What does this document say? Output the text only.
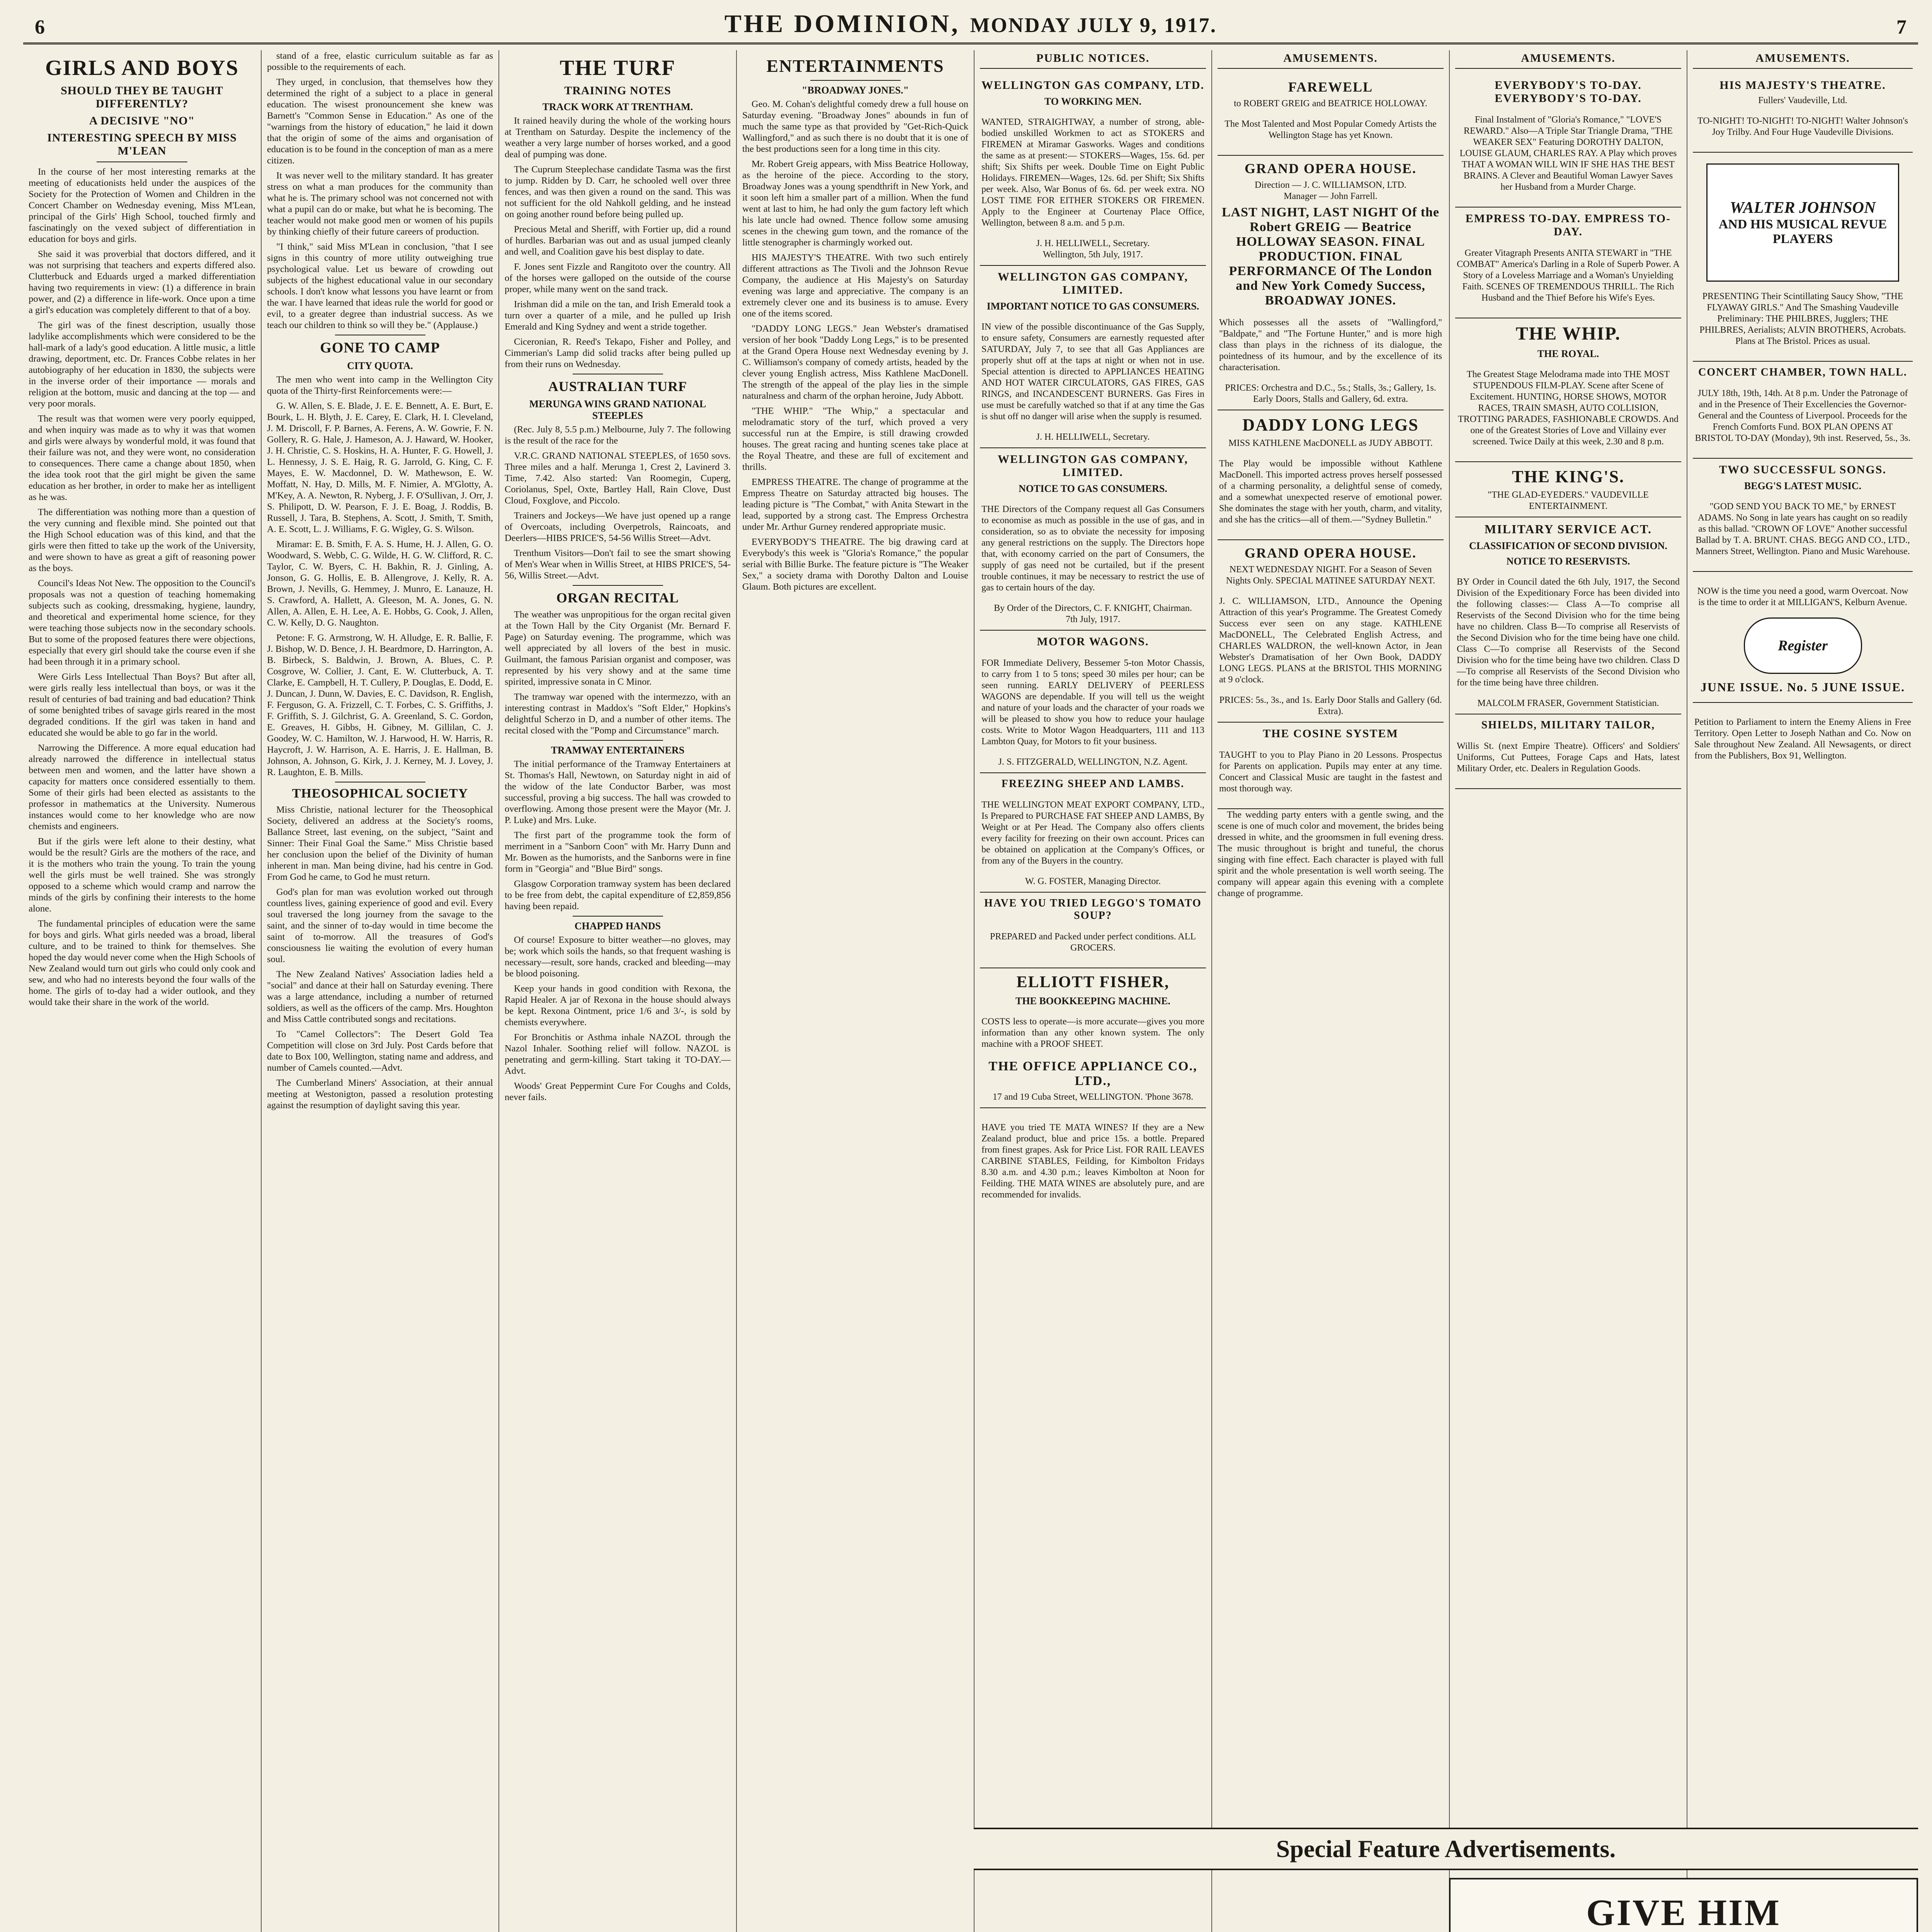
6	THE DOMINION, MONDAY JULY 9, 1917.	7
GIRLS AND BOYS
SHOULD THEY BE TAUGHT DIFFERENTLY?
A DECISIVE "NO"
INTERESTING SPEECH BY MISS M'LEAN

In the course of her most interesting remarks at the meeting of educationists held under the auspices of the Society for the Protection of Women and Children in the Concert Chamber on Wednesday evening, Miss M'Lean, principal of the Girls' High School, touched firmly and fascinatingly on the vexed subject of differentiation in education for boys and girls.

She said it was proverbial that doctors differed, and it was not surprising that teachers and experts differed also. Clutterbuck and Eduards urged a marked differentiation having two requirements in view: (1) a difference in brain power, and (2) a difference in life-work. Once upon a time a girl's education was completely different to that of a boy.

The girl was of the finest description, usually those ladylike accomplishments which were considered to be the hall-mark of a lady's good education. A little music, a little drawing, deportment, etc. Dr. Frances Cobbe relates in her autobiography of her education in 1830, the subjects were in the inverse order of their importance — morals and religion at the bottom, music and dancing at the top — and very poor morals.

The result was that women were very poorly equipped, and when inquiry was made as to why it was that women and girls were always by wonderful mold, it was found that their failure was not, and they were wont, no consideration to consequences. There came a change about 1850, when the idea took root that the girl might be given the same education as her brother, in order to make her as intelligent as he was.

The differentiation was nothing more than a question of the very cunning and flexible mind. She pointed out that the High School education was of this kind, and that the girls were then fitted to take up the work of the University, and were shown to have as great a gift of reasoning power as the boys.

Council's Ideas Not New. The opposition to the Council's proposals was not a question of teaching homemaking subjects such as cooking, dressmaking, hygiene, laundry, and theoretical and experimental home science, for they were teaching those subjects now in the secondary schools. But to some of the proposed features there were objections, especially that every girl should take the course even if she had been through it in a primary school.

Were Girls Less Intellectual Than Boys? But after all, were girls really less intellectual than boys, or was it the result of centuries of bad training and bad education? Think of some benighted tribes of savage girls reared in the most degraded conditions. If the girl was taken in hand and educated she would be able to go far in the world.

Narrowing the Difference. A more equal education had already narrowed the difference in intellectual status between men and women, and the latter have shown a capacity for matters once considered essentially to them. Some of their girls had been elected as assistants to the professor in mathematics at the University. Numerous instances would come to her knowledge who are now chemists and engineers.

But if the girls were left alone to their destiny, what would be the result? Girls are the mothers of the race, and it is the mothers who train the young. To train the young well the girls must be well trained. She was strongly opposed to a scheme which would cramp and narrow the minds of the girls by confining their interests to the home alone.

The fundamental principles of education were the same for boys and girls. What girls needed was a broad, liberal culture, and to be trained to think for themselves. She hoped the day would never come when the High Schools of New Zealand would turn out girls who could only cook and sew, and who had no interests beyond the four walls of the home. The girls of to-day had a wider outlook, and they would take their share in the work of the world.

stand of a free, elastic curriculum suitable as far as possible to the requirements of each.

They urged, in conclusion, that themselves how they determined the right of a subject to a place in general education. The wisest pronouncement she knew was Barnett's "Common Sense in Education." As one of the "warnings from the history of education," he laid it down that the origin of some of the aims and organisation of education is to be found in the conception of man as a mere citizen.

It was never well to the military standard. It has greater stress on what a man produces for the community than what he is. The primary school was not concerned not with what a pupil can do or make, but what he is becoming. The teacher would not make good men or women of his pupils by thinking chiefly of their future careers of production.

"I think," said Miss M'Lean in conclusion, "that I see signs in this country of more utility outweighing true psychological value. Let us beware of crowding out subjects of the highest educational value in our secondary schools. I don't know what lessons you have learnt or from the war. I have learned that ideas rule the world for good or evil, to a greater degree than industrial success. As we teach our children to think so will they be." (Applause.)

GONE TO CAMP
CITY QUOTA.

The men who went into camp in the Wellington City quota of the Thirty-first Reinforcements were:—

G. W. Allen, S. E. Blade, J. E. E. Bennett, A. E. Burt, E. Bourk, L. H. Blyth, J. E. Carey, E. Clark, H. I. Cleveland, J. M. Driscoll, F. P. Barnes, A. Ferens, A. W. Gowrie, F. N. Gollery, R. G. Hale, J. Hameson, A. J. Haward, W. Hooker, J. H. Christie, C. S. Hoskins, H. A. Hunter, F. G. Howell, J. L. Hennessy, J. S. E. Haig, R. G. Jarrold, G. King, C. F. Mayes, E. W. Macdonnel, D. W. Mathewson, E. W. Moffatt, N. Hay, D. Mills, M. F. Nimier, A. M'Glotty, A. M'Key, A. A. Newton, R. Nyberg, J. F. O'Sullivan, J. Orr, J. S. Philipott, D. W. Pearson, F. J. E. Boag, J. Roddis, B. Russell, J. Tara, B. Stephens, A. Scott, J. Smith, T. Smith, A. E. Scott, L. J. Williams, F. G. Wigley, G. S. Wilson.

Miramar: E. B. Smith, F. A. S. Hume, H. J. Allen, G. O. Woodward, S. Webb, C. G. Wilde, H. G. W. Clifford, R. C. Taylor, C. W. Byers, C. H. Bakhin, R. J. Ginling, A. Jonson, G. G. Hollis, E. B. Allengrove, J. Kelly, R. A. Brown, J. Nevills, G. Hemmey, J. Munro, E. Lanauze, H. S. Crawford, A. Hallett, A. Gleeson, M. A. Jones, G. N. Allen, A. Allen, E. H. Lee, A. E. Hobbs, G. Cook, J. Allen, C. W. Kelly, D. G. Naughton.

Petone: F. G. Armstrong, W. H. Alludge, E. R. Ballie, F. J. Bishop, W. D. Bence, J. H. Beardmore, D. Harrington, A. B. Birbeck, S. Baldwin, J. Brown, A. Blues, C. P. Cosgrove, W. Collier, J. Cant, E. W. Clutterbuck, A. T. Clarke, E. Campbell, H. T. Cullery, P. Douglas, E. Dodd, E. J. Duncan, J. Dunn, W. Davies, E. C. Davidson, R. English, F. Ferguson, G. A. Frizzell, C. T. Forbes, C. S. Griffiths, J. F. Griffith, S. J. Gilchrist, G. A. Greenland, S. C. Gordon, E. Greaves, H. Gibbs, H. Gibney, M. Gillilan, C. J. Goodey, W. C. Hamilton, W. J. Harwood, H. W. Harris, R. Haycroft, J. W. Harrison, A. E. Harris, J. E. Hallman, B. Johnson, A. Johnson, G. Kirk, J. J. Kerney, M. J. Lovey, J. R. Laughton, E. B. Mills.

THEOSOPHICAL SOCIETY

Miss Christie, national lecturer for the Theosophical Society, delivered an address at the Society's rooms, Ballance Street, last evening, on the subject, "Saint and Sinner: Their Final Goal the Same." Miss Christie based her conclusion upon the belief of the Divinity of human inherent in man. Man being divine, had his centre in God. From God he came, to God he must return.

God's plan for man was evolution worked out through countless lives, gaining experience of good and evil. Every soul traversed the long journey from the savage to the saint, and the sinner of to-day would in time become the saint of to-morrow. All the treasures of God's consciousness lie waiting the evolution of every human soul.

The New Zealand Natives' Association ladies held a "social" and dance at their hall on Saturday evening. There was a large attendance, including a number of returned soldiers, as well as the officers of the camp. Mrs. Houghton and Miss Cattle contributed songs and recitations.

To "Camel Collectors": The Desert Gold Tea Competition will close on 3rd July. Post Cards before that date to Box 100, Wellington, stating name and address, and number of Camels counted.—Advt.

The Cumberland Miners' Association, at their annual meeting at Westonigton, passed a resolution protesting against the resumption of daylight saving this year.

THE TURF
TRAINING NOTES
TRACK WORK AT TRENTHAM.

It rained heavily during the whole of the working hours at Trentham on Saturday. Despite the inclemency of the weather a very large number of horses worked, and a good deal of pumping was done.

The Cuprum Steeplechase candidate Tasma was the first to jump. Ridden by D. Carr, he schooled well over three fences, and was then given a round on the sand. This was not sufficient for the old Nahkoll gelding, and he instead on going another round before being pulled up.

Precious Metal and Sheriff, with Fortier up, did a round of hurdles. Barbarian was out and as usual jumped cleanly and well, and Coalition gave his best display to date.

F. Jones sent Fizzle and Rangitoto over the country. All of the horses were galloped on the outside of the course proper, while many went on the sand track.

Irishman did a mile on the tan, and Irish Emerald took a turn over a quarter of a mile, and he pulled up Irish Emerald and King Sydney and went a stride together.

Ciceronian, R. Reed's Tekapo, Fisher and Polley, and Cimmerian's Lamp did solid tracks after being pulled up from their runs on Wednesday.

AUSTRALIAN TURF
MERUNGA WINS GRAND NATIONAL STEEPLES

(Rec. July 8, 5.5 p.m.) Melbourne, July 7. The following is the result of the race for the

V.R.C. GRAND NATIONAL STEEPLES, of 1650 sovs. Three miles and a half. Merunga 1, Crest 2, Lavinerd 3. Time, 7.42. Also started: Van Roomegin, Cuperg, Coriolanus, Spel, Oxte, Bartley Hall, Rain Clove, Dust Cloud, Foxglove, and Piccolo.

Trainers and Jockeys—We have just opened up a range of Overcoats, including Overpetrols, Raincoats, and Deerlers—HIBS PRICE'S, 54-56 Willis Street—Advt.

Trenthum Visitors—Don't fail to see the smart showing of Men's Wear when in Willis Street, at HIBS PRICE'S, 54-56, Willis Street.—Advt.

ORGAN RECITAL

The weather was unpropitious for the organ recital given at the Town Hall by the City Organist (Mr. Bernard F. Page) on Saturday evening. The programme, which was well appreciated by all lovers of the best in music. Guilmant, the famous Parisian organist and composer, was represented by his very showy and at the same time spirited, impressive sonata in C Minor.

The tramway war opened with the intermezzo, with an interesting contrast in Maddox's "Soft Elder," Hopkins's delightful Scherzo in D, and a number of other items. The recital closed with the "Pomp and Circumstance" march.

TRAMWAY ENTERTAINERS

The initial performance of the Tramway Entertainers at St. Thomas's Hall, Newtown, on Saturday night in aid of the widow of the late Conductor Barber, was most successful, proving a big success. The hall was crowded to overflowing. Among those present were the Mayor (Mr. J. P. Luke) and Mrs. Luke.

The first part of the programme took the form of merriment in a "Sanborn Coon" with Mr. Harry Dunn and Mr. Bowen as the humorists, and the Sanborns were in fine form in "Georgia" and "Blue Bird" songs.

Glasgow Corporation tramway system has been declared to be free from debt, the capital expenditure of £2,859,856 having been repaid.

CHAPPED HANDS

Of course! Exposure to bitter weather—no gloves, may be; work which soils the hands, so that frequent washing is necessary—result, sore hands, cracked and bleeding—may be blood poisoning.

Keep your hands in good condition with Rexona, the Rapid Healer. A jar of Rexona in the house should always be kept. Rexona Ointment, price 1/6 and 3/-, is sold by chemists everywhere.

For Bronchitis or Asthma inhale NAZOL through the Nazol Inhaler. Soothing relief will follow. NAZOL is penetrating and germ-killing. Start taking it TO-DAY.—Advt.

Woods' Great Peppermint Cure For Coughs and Colds, never fails.

ENTERTAINMENTS
"BROADWAY JONES."

Geo. M. Cohan's delightful comedy drew a full house on Saturday evening. "Broadway Jones" abounds in fun of much the same type as that provided by "Get-Rich-Quick Wallingford," and as such there is no doubt that it is one of the best productions seen for a long time in this city.

Mr. Robert Greig appears, with Miss Beatrice Holloway, as the heroine of the piece. According to the story, Broadway Jones was a young spendthrift in New York, and it soon left him a smaller part of a million. When the fund went at last to him, he had only the gum factory left which his late uncle had owned. Thence follow some amusing scenes in the chewing gum town, and the romance of the little stenographer is charmingly worked out.

HIS MAJESTY'S THEATRE. With two such entirely different attractions as The Tivoli and the Johnson Revue Company, the audience at His Majesty's on Saturday evening was large and appreciative. The company is an extremely clever one and its business is to amuse. Every one of the items scored.

"DADDY LONG LEGS." Jean Webster's dramatised version of her book "Daddy Long Legs," is to be presented at the Grand Opera House next Wednesday evening by J. C. Williamson's company of comedy artists, headed by the clever young English actress, Miss Kathlene MacDonell. The strength of the appeal of the play lies in the simple naturalness and charm of the orphan heroine, Judy Abbott.

"THE WHIP." "The Whip," a spectacular and melodramatic story of the turf, which proved a very successful run at the Empire, is still drawing crowded houses. The great racing and hunting scenes take place at the Royal Theatre, and these are full of excitement and thrills.

EMPRESS THEATRE. The change of programme at the Empress Theatre on Saturday attracted big houses. The leading picture is "The Combat," with Anita Stewart in the lead, supported by a strong cast. The Empress Orchestra under Mr. Arthur Gurney rendered appropriate music.

EVERYBODY'S THEATRE. The big drawing card at Everybody's this week is "Gloria's Romance," the popular serial with Billie Burke. The feature picture is "The Weaker Sex," a society drama with Dorothy Dalton and Louise Glaum. Both pictures are excellent.

PUBLIC NOTICES.
WELLINGTON GAS COMPANY, LTD.
TO WORKING MEN.

WANTED, STRAIGHTWAY, a number of strong, able-bodied unskilled Workmen to act as STOKERS and FIREMEN at Miramar Gasworks. Wages and conditions the same as at present:— STOKERS—Wages, 15s. 6d. per shift; Six Shifts per week. Double Time on Eight Public Holidays. FIREMEN—Wages, 12s. 6d. per Shift; Six Shifts per week. Also, War Bonus of 6s. 6d. per week extra. NO LOST TIME FOR EITHER STOKERS OR FIREMEN. Apply to the Engineer at Courtenay Place Office, Wellington, between 8 a.m. and 5 p.m.

J. H. HELLIWELL, Secretary.
Wellington, 5th July, 1917.
WELLINGTON GAS COMPANY, LIMITED.
IMPORTANT NOTICE TO GAS CONSUMERS.

IN view of the possible discontinuance of the Gas Supply, to ensure safety, Consumers are earnestly requested after SATURDAY, July 7, to see that all Gas Appliances are properly shut off at the taps at night or when not in use. Special attention is directed to APPLIANCES HEATING AND HOT WATER CIRCULATORS, GAS FIRES, GAS RINGS, and INCANDESCENT BURNERS. Gas Fires in use must be carefully watched so that if at any time the Gas is shut off no danger will arise when the supply is resumed.

J. H. HELLIWELL, Secretary.
WELLINGTON GAS COMPANY, LIMITED.
NOTICE TO GAS CONSUMERS.

THE Directors of the Company request all Gas Consumers to economise as much as possible in the use of gas, and in consideration, so as to obviate the necessity for imposing any general restrictions on the supply. The Directors hope that, with economy carried on the part of Consumers, the supply of gas need not be curtailed, but if the present trouble continues, it may be necessary to restrict the use of gas to certain hours of the day.

By Order of the Directors, C. F. KNIGHT, Chairman.
7th July, 1917.
MOTOR WAGONS.

FOR Immediate Delivery, Bessemer 5-ton Motor Chassis, to carry from 1 to 5 tons; speed 30 miles per hour; can be seen running. EARLY DELIVERY of PEERLESS WAGONS are dependable. If you will tell us the weight and nature of your loads and the character of your roads we will be pleased to show you how to reduce your haulage costs. Write to Motor Wagon Headquarters, 111 and 113 Lambton Quay, for Motors to fit your business.

J. S. FITZGERALD, WELLINGTON, N.Z. Agent.
FREEZING SHEEP AND LAMBS.

THE WELLINGTON MEAT EXPORT COMPANY, LTD., Is Prepared to PURCHASE FAT SHEEP AND LAMBS, By Weight or at Per Head. The Company also offers clients every facility for freezing on their own account. Prices can be obtained on application at the Company's Offices, or from any of the Buyers in the country.

W. G. FOSTER, Managing Director.
HAVE YOU TRIED LEGGO'S TOMATO SOUP?

PREPARED and Packed under perfect conditions. ALL GROCERS.

ELLIOTT FISHER,
THE BOOKKEEPING MACHINE.

COSTS less to operate—is more accurate—gives you more information than any other known system. The only machine with a PROOF SHEET.

THE OFFICE APPLIANCE CO., LTD.,
17 and 19 Cuba Street, WELLINGTON. 'Phone 3678.

HAVE you tried TE MATA WINES? If they are a New Zealand product, blue and price 15s. a bottle. Prepared from finest grapes. Ask for Price List. FOR RAIL LEAVES CARBINE STABLES, Feilding, for Kimbolton Fridays 8.30 a.m. and 4.30 p.m.; leaves Kimbolton at Noon for Feilding. THE MATA WINES are absolutely pure, and are recommended for invalids.

AMUSEMENTS.
FAREWELL
to ROBERT GREIG and BEATRICE HOLLOWAY.

The Most Talented and Most Popular Comedy Artists the Wellington Stage has yet Known.

GRAND OPERA HOUSE.
Direction — J. C. WILLIAMSON, LTD.
Manager — John Farrell.
LAST NIGHT, LAST NIGHT Of the Robert GREIG — Beatrice HOLLOWAY SEASON. FINAL PRODUCTION. FINAL PERFORMANCE Of The London and New York Comedy Success, BROADWAY JONES.

Which possesses all the assets of "Wallingford," "Baldpate," and "The Fortune Hunter," and is more high class than plays in the richness of its dialogue, the pointedness of its humour, and by the excellence of its characterisation.

PRICES: Orchestra and D.C., 5s.; Stalls, 3s.; Gallery, 1s. Early Doors, Stalls and Gallery, 6d. extra.
DADDY LONG LEGS
MISS KATHLENE MacDONELL as JUDY ABBOTT.

The Play would be impossible without Kathlene MacDonell. This imported actress proves herself possessed of a charming personality, a delightful sense of comedy, and a somewhat unexpected reserve of emotional power. She dominates the stage with her youth, charm, and vitality, and she has the critics—all of them.—"Sydney Bulletin."

GRAND OPERA HOUSE.
NEXT WEDNESDAY NIGHT. For a Season of Seven Nights Only. SPECIAL MATINEE SATURDAY NEXT.

J. C. WILLIAMSON, LTD., Announce the Opening Attraction of this year's Programme. The Greatest Comedy Success ever seen on any stage. KATHLENE MacDONELL, The Celebrated English Actress, and CHARLES WALDRON, the well-known Actor, in Jean Webster's Dramatisation of her Own Book, DADDY LONG LEGS. PLANS at the BRISTOL THIS MORNING at 9 o'clock.

PRICES: 5s., 3s., and 1s. Early Door Stalls and Gallery (6d. Extra).
THE COSINE SYSTEM

TAUGHT to you to Play Piano in 20 Lessons. Prospectus for Parents on application. Pupils may enter at any time. Concert and Classical Music are taught in the fastest and most thorough way.

The wedding party enters with a gentle swing, and the scene is one of much color and movement, the brides being dressed in white, and the groomsmen in full evening dress. The music throughout is bright and tuneful, the chorus singing with fine effect. Each character is played with full spirit and the whole presentation is well worth seeing. The company will appear again this evening with a complete change of programme.

AMUSEMENTS.
EVERYBODY'S TO-DAY. EVERYBODY'S TO-DAY.

Final Instalment of "Gloria's Romance," "LOVE'S REWARD." Also—A Triple Star Triangle Drama, "THE WEAKER SEX" Featuring DOROTHY DALTON, LOUISE GLAUM, CHARLES RAY. A Play which proves THAT A WOMAN WILL WIN IF SHE HAS THE BEST BRAINS. A Clever and Beautiful Woman Lawyer Saves her Husband from a Murder Charge.

EMPRESS TO-DAY. EMPRESS TO-DAY.

Greater Vitagraph Presents ANITA STEWART in "THE COMBAT" America's Darling in a Role of Superb Power. A Story of a Loveless Marriage and a Woman's Unyielding Faith. SCENES OF TREMENDOUS THRILL. The Rich Husband and the Thief Before his Wife's Eyes.

THE WHIP.
THE ROYAL.

The Greatest Stage Melodrama made into THE MOST STUPENDOUS FILM-PLAY. Scene after Scene of Excitement. HUNTING, HORSE SHOWS, MOTOR RACES, TRAIN SMASH, AUTO COLLISION, TROTTING PARADES, FASHIONABLE CROWDS. And one of the Greatest Stories of Love and Villainy ever screened. Twice Daily at this week, 2.30 and 8 p.m.

THE KING'S.
"THE GLAD-EYEDERS." VAUDEVILLE ENTERTAINMENT.
MILITARY SERVICE ACT.
CLASSIFICATION OF SECOND DIVISION.
NOTICE TO RESERVISTS.

BY Order in Council dated the 6th July, 1917, the Second Division of the Expeditionary Force has been divided into the following classes:— Class A—To comprise all Reservists of the Second Division who for the time being have no children. Class B—To comprise all Reservists of the Second Division who for the time being have one child. Class C—To comprise all Reservists of the Second Division who for the time being have two children. Class D—To comprise all Reservists of the Second Division who for the time being have three children.

MALCOLM FRASER, Government Statistician.
SHIELDS, MILITARY TAILOR,

Willis St. (next Empire Theatre). Officers' and Soldiers' Uniforms, Cut Puttees, Forage Caps and Hats, latest Military Order, etc. Dealers in Regulation Goods.

AMUSEMENTS.
HIS MAJESTY'S THEATRE.
Fullers' Vaudeville, Ltd.

TO-NIGHT! TO-NIGHT! TO-NIGHT! Walter Johnson's Joy Trilby. And Four Huge Vaudeville Divisions.

WALTER JOHNSON
AND HIS MUSICAL REVUE PLAYERS

PRESENTING Their Scintillating Saucy Show, "THE FLYAWAY GIRLS." And The Smashing Vaudeville Preliminary: THE PHILBRES, Jugglers; THE PHILBRES, Aerialists; ALVIN BROTHERS, Acrobats. Plans at The Bristol. Prices as usual.

CONCERT CHAMBER, TOWN HALL.

JULY 18th, 19th, 14th. At 8 p.m. Under the Patronage of and in the Presence of Their Excellencies the Governor-General and the Countess of Liverpool. Proceeds for the French Comforts Fund. BOX PLAN OPENS AT BRISTOL TO-DAY (Monday), 9th inst. Reserved, 5s., 3s.

TWO SUCCESSFUL SONGS.
BEGG'S LATEST MUSIC.

"GOD SEND YOU BACK TO ME," by ERNEST ADAMS. No Song in late years has caught on so readily as this ballad. "CROWN OF LOVE" Another successful Ballad by T. A. BRUNT. CHAS. BEGG AND CO., LTD., Manners Street, Wellington. Piano and Music Warehouse.

NOW is the time you need a good, warm Overcoat. Now is the time to order it at MILLIGAN'S, Kelburn Avenue.

Register
JUNE ISSUE. No. 5 JUNE ISSUE.

Petition to Parliament to intern the Enemy Aliens in Free Territory. Open Letter to Joseph Nathan and Co. Now on Sale throughout New Zealand. All Newsagents, or direct from the Publishers, Box 91, Wellington.

Special Feature Advertisements.
GIVE HIM
